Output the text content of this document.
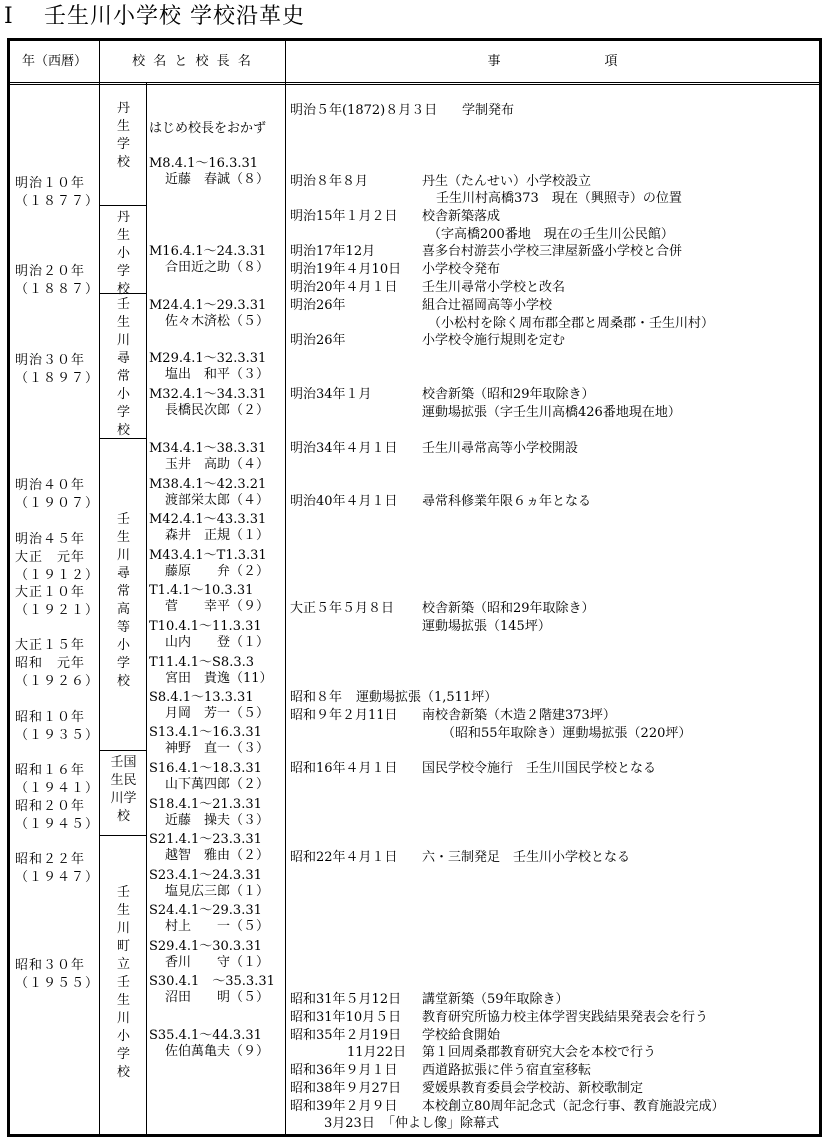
I 壬生川小学校 学校沿革史
年（西暦）	校 名 と 校 長 名	事　　　　　　　　項
明治１０年
（１８７７）
明治２０年
（１８８７）
明治３０年
（１８９７）
明治４０年
（１９０７）
明治４５年
大正　元年
（１９１２）
大正１０年
（１９２１）
大正１５年
昭和　元年
（１９２６）
昭和１０年
（１９３５）
昭和１６年
（１９４１）
昭和２０年
（１９４５）
昭和２２年
（１９４７）
昭和３０年
（１９５５）
丹
生
学
校
丹
生
小
学
校
壬
生
川
尋
常
小
学
校
壬
生
川
尋
常
高
等
小
学
校
壬国
生民
川学
校
壬
生
川
町
立
壬
生
川
小
学
校
はじめ校長をおかず
M8.4.1～16.3.31
近藤　春誠（８）
M16.4.1～24.3.31
合田近之助（８）
M24.4.1～29.3.31
佐々木済松（５）
M29.4.1～32.3.31
塩出　和平（３）
M32.4.1～34.3.31
長橋民次郎（２）
M34.4.1～38.3.31
玉井　高助（４）
M38.4.1～42.3.21
渡部栄太郎（４）
M42.4.1～43.3.31
森井　正規（１）
M43.4.1～T1.3.31
藤原　　弁（２）
T1.4.1～10.3.31
菅　　幸平（９）
T10.4.1～11.3.31
山内　　登（１）
T11.4.1～S8.3.3
宮田　貴逸（11）
S8.4.1～13.3.31
月岡　芳一（５）
S13.4.1～16.3.31
神野　直一（３）
S16.4.1～18.3.31
山下萬四郎（２）
S18.4.1～21.3.31
近藤　操夫（３）
S21.4.1～23.3.31
越智　雅由（２）
S23.4.1～24.3.31
塩見広三郎（１）
S24.4.1～29.3.31
村上　　一（５）
S29.4.1～30.3.31
香川　　守（１）
S30.4.1　～35.3.31
沼田　　明（５）
S35.4.1～44.3.31
佐伯萬亀夫（９）
明治５年(1872)８月３日
明治８年８月
明治15年１月２日
明治17年12月
明治19年４月10日
明治20年４月１日
明治26年
明治26年
明治34年１月
明治34年４月１日
明治40年４月１日
大正５年５月８日
昭和８年
昭和９年２月11日
昭和16年４月１日
昭和22年４月１日
昭和31年５月12日
昭和31年10月５日
昭和35年２月19日
11月22日
昭和36年９月１日
昭和38年９月27日
昭和39年２月９日
3月23日
学制発布
丹生（たんせい）小学校設立
壬生川村高橋373　現在（興照寺）の位置
校舎新築落成
（字高橋200番地　現在の壬生川公民館）
喜多台村游芸小学校三津屋新盛小学校と合併
小学校令発布
壬生川尋常小学校と改名
組合辻福岡高等小学校
（小松村を除く周布郡全郡と周桑郡・壬生川村）
小学校令施行規則を定む
校舎新築（昭和29年取除き）
運動場拡張（字壬生川高橋426番地現在地）
壬生川尋常高等小学校開設
尋常科修業年限６ヵ年となる
校舎新築（昭和29年取除き）
運動場拡張（145坪）
運動場拡張（1,511坪）
南校舎新築（木造２階建373坪）
（昭和55年取除き）運動場拡張（220坪）
国民学校令施行　壬生川国民学校となる
六・三制発足　壬生川小学校となる
講堂新築（59年取除き）
教育研究所協力校主体学習実践結果発表会を行う
学校給食開始
第１回周桑郡教育研究大会を本校で行う
西道路拡張に伴う宿直室移転
愛媛県教育委員会学校訪、新校歌制定
本校創立80周年記念式（記念行事、教育施設完成）
「仲よし像」除幕式
